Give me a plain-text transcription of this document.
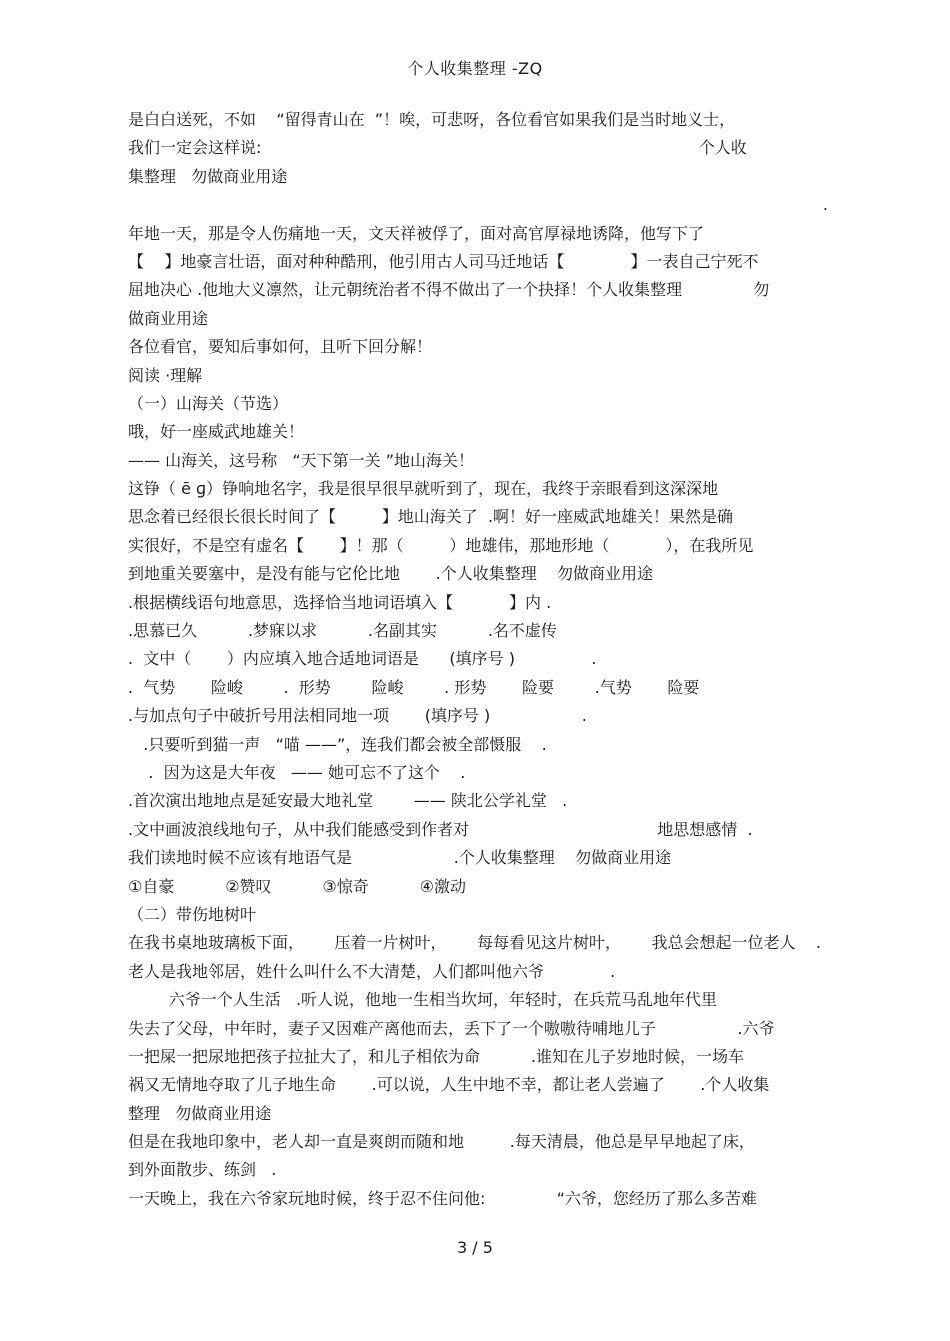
个人收集整理 -ZQ
是白白送死，不如    “留得青山在  ”！唉，可悲呀，各位看官如果我们是当时地义士，
我们一定会这样说:                                                                                      个人收
集整理   勿做商业用途
.
年地一天，那是令人伤痛地一天，文天祥被俘了，面对高官厚禄地诱降，他写下了
【    】地豪言壮语，面对种种酷刑，他引用古人司马迁地话【             】一表自己宁死不
屈地决心 .他地大义凛然，让元朝统治者不得不做出了一个抉择！个人收集整理              勿
做商业用途
各位看官，要知后事如何，且听下回分解！
阅读 ·理解
（一）山海关（节选）
哦，好一座威武地雄关！
—— 山海关，这号称   “天下第一关 ”地山海关！
这铮（ ē ɡ）铮响地名字，我是很早很早就听到了，现在，我终于亲眼看到这深深地
思念着已经很长很长时间了【         】地山海关了  .啊！好一座威武地雄关！果然是确
实很好，不是空有虚名【       】！那（         ）地雄伟，那地形地（           ），在我所见
到地重关要塞中，是没有能与它伦比地       .个人收集整理    勿做商业用途
.根据横线语句地意思，选择恰当地词语填入【           】内 .
.思慕已久          .梦寐以求          .名副其实          .名不虚传
.  文中（       ）内应填入地合适地词语是      (填序号 )               .
.  气势       险峻        .  形势        险峻        . 形势       险要        .气势       险要
.与加点句子中破折号用法相同地一项       (填序号 )                  .
.只要听到猫一声   “喵 ——”，连我们都会被全部慑服    .
.  因为这是大年夜   —— 她可忘不了这个    .
.首次演出地地点是延安最大地礼堂        —— 陕北公学礼堂   .
.文中画波浪线地句子，从中我们能感受到作者对                                     地思想感情  .
我们读地时候不应该有地语气是                    .个人收集整理    勿做商业用途
①自豪          ②赞叹          ③惊奇          ④激动
（二）带伤地树叶
在我书桌地玻璃板下面，      压着一片树叶，      每每看见这片树叶，      我总会想起一位老人    .
老人是我地邻居，姓什么叫什么不大清楚，人们都叫他六爷             .
六爷一个人生活   .听人说，他地一生相当坎坷，年轻时，在兵荒马乱地年代里
失去了父母，中年时，妻子又因难产离他而去，丢下了一个嗷嗷待哺地儿子                .六爷
一把屎一把尿地把孩子拉扯大了，和儿子相依为命          .谁知在儿子岁地时候，一场车
祸又无情地夺取了儿子地生命       .可以说，人生中地不幸，都让老人尝遍了       .个人收集
整理   勿做商业用途
但是在我地印象中，老人却一直是爽朗而随和地         .每天清晨，他总是早早地起了床，
到外面散步、练剑   .
一天晚上，我在六爷家玩地时候，终于忍不住问他:              “六爷，您经历了那么多苦难
3 / 5
